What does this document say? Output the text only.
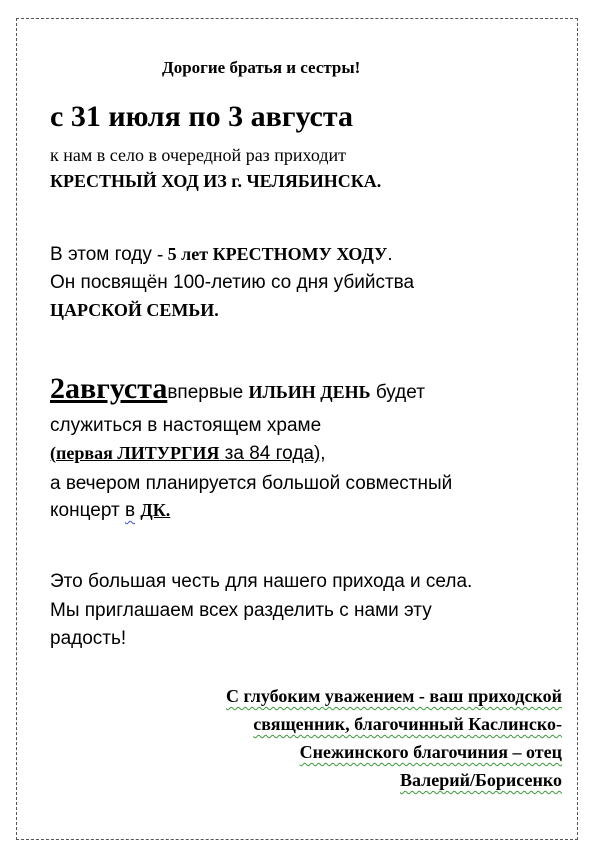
Дорогие братья и сестры!
с 31 июля по 3 августа
к нам в село в очередной раз приходит
КРЕСТНЫЙ ХОД ИЗ г. ЧЕЛЯБИНСКА.
В этом году - 5 лет КРЕСТНОМУ ХОДУ.
Он посвящён 100-летию со дня убийства
ЦАРСКОЙ СЕМЬИ.
2августавпервые ИЛЬИН ДЕНЬ будет
служиться в настоящем храме
(первая ЛИТУРГИЯ за 84 года),
а вечером планируется большой совместный
концерт в ДК.
Это большая честь для нашего прихода и села.
Мы приглашаем всех разделить с нами эту
радость!
С глубоким уважением - ваш приходской
священник, благочинный Каслинско-
Снежинского благочиния – отец
Валерий/Борисенко
